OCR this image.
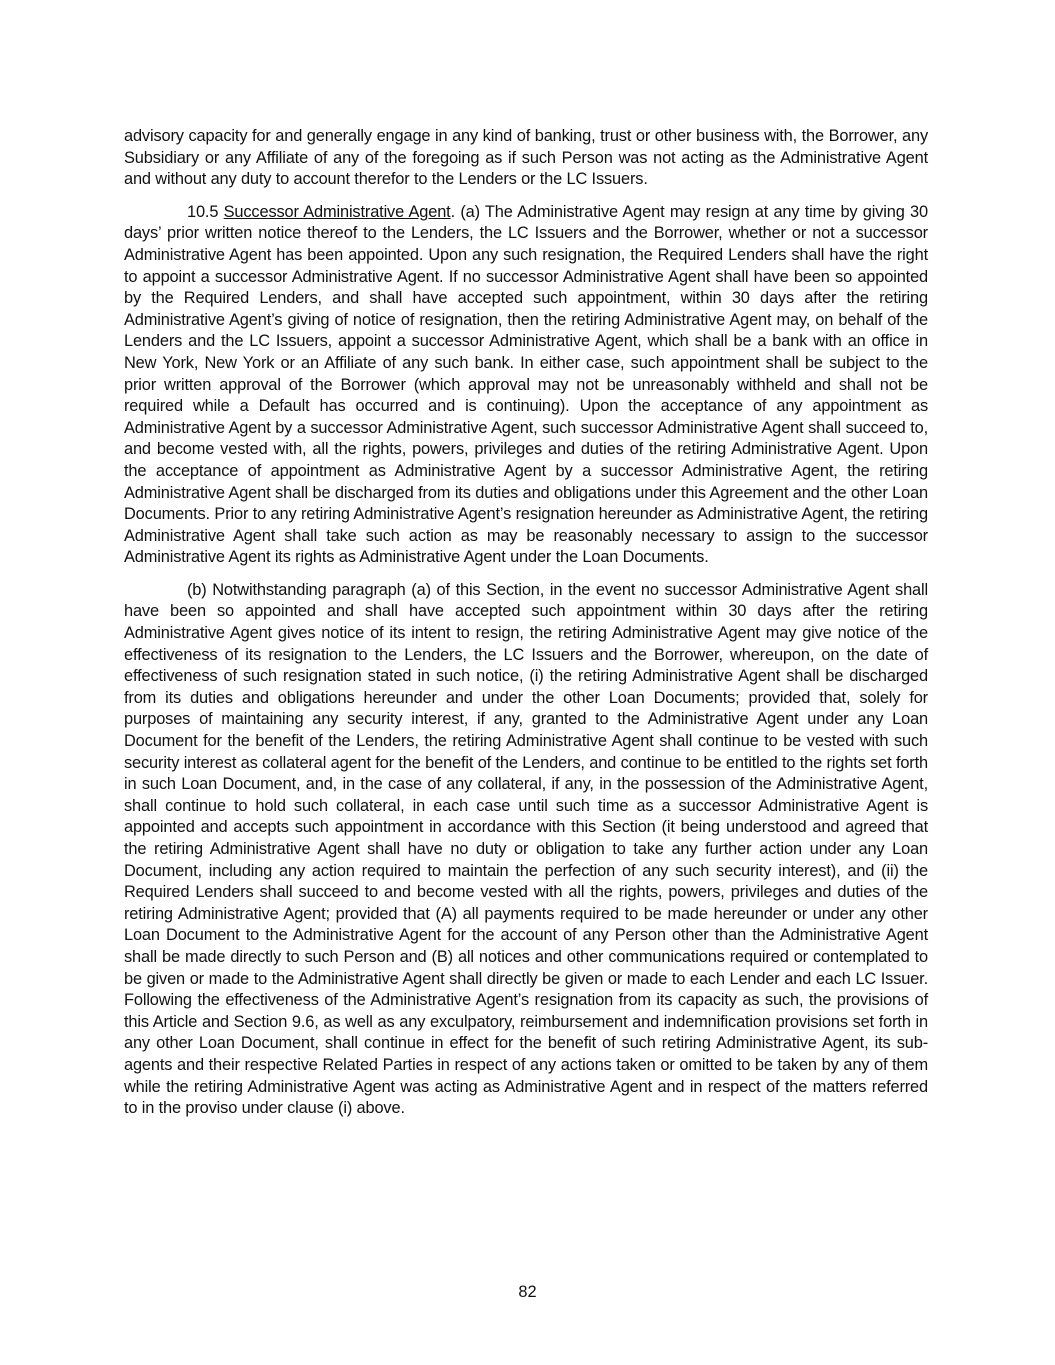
advisory capacity for and generally engage in any kind of banking, trust or other business with, the Borrower, any Subsidiary or any Affiliate of any of the foregoing as if such Person was not acting as the Administrative Agent and without any duty to account therefor to the Lenders or the LC Issuers.

10.5 Successor Administrative Agent. (a) The Administrative Agent may resign at any time by giving 30 days’ prior written notice thereof to the Lenders, the LC Issuers and the Borrower, whether or not a successor Administrative Agent has been appointed. Upon any such resignation, the Required Lenders shall have the right to appoint a successor Administrative Agent. If no successor Administrative Agent shall have been so appointed by the Required Lenders, and shall have accepted such appointment, within 30 days after the retiring Administrative Agent’s giving of notice of resignation, then the retiring Administrative Agent may, on behalf of the Lenders and the LC Issuers, appoint a successor Administrative Agent, which shall be a bank with an office in New York, New York or an Affiliate of any such bank. In either case, such appointment shall be subject to the prior written approval of the Borrower (which approval may not be unreasonably withheld and shall not be required while a Default has occurred and is continuing). Upon the acceptance of any appointment as Administrative Agent by a successor Administrative Agent, such successor Administrative Agent shall succeed to, and become vested with, all the rights, powers, privileges and duties of the retiring Administrative Agent. Upon the acceptance of appointment as Administrative Agent by a successor Administrative Agent, the retiring Administrative Agent shall be discharged from its duties and obligations under this Agreement and the other Loan Documents. Prior to any retiring Administrative Agent’s resignation hereunder as Administrative Agent, the retiring Administrative Agent shall take such action as may be reasonably necessary to assign to the successor Administrative Agent its rights as Administrative Agent under the Loan Documents.

(b) Notwithstanding paragraph (a) of this Section, in the event no successor Administrative Agent shall have been so appointed and shall have accepted such appointment within 30 days after the retiring Administrative Agent gives notice of its intent to resign, the retiring Administrative Agent may give notice of the effectiveness of its resignation to the Lenders, the LC Issuers and the Borrower, whereupon, on the date of effectiveness of such resignation stated in such notice, (i) the retiring Administrative Agent shall be discharged from its duties and obligations hereunder and under the other Loan Documents; provided that, solely for purposes of maintaining any security interest, if any, granted to the Administrative Agent under any Loan Document for the benefit of the Lenders, the retiring Administrative Agent shall continue to be vested with such security interest as collateral agent for the benefit of the Lenders, and continue to be entitled to the rights set forth in such Loan Document, and, in the case of any collateral, if any, in the possession of the Administrative Agent, shall continue to hold such collateral, in each case until such time as a successor Administrative Agent is appointed and accepts such appointment in accordance with this Section (it being understood and agreed that the retiring Administrative Agent shall have no duty or obligation to take any further action under any Loan Document, including any action required to maintain the perfection of any such security interest), and (ii) the Required Lenders shall succeed to and become vested with all the rights, powers, privileges and duties of the retiring Administrative Agent; provided that (A) all payments required to be made hereunder or under any other Loan Document to the Administrative Agent for the account of any Person other than the Administrative Agent shall be made directly to such Person and (B) all notices and other communications required or contemplated to be given or made to the Administrative Agent shall directly be given or made to each Lender and each LC Issuer. Following the effectiveness of the Administrative Agent’s resignation from its capacity as such, the provisions of this Article and Section 9.6, as well as any exculpatory, reimbursement and indemnification provisions set forth in any other Loan Document, shall continue in effect for the benefit of such retiring Administrative Agent, its sub-agents and their respective Related Parties in respect of any actions taken or omitted to be taken by any of them while the retiring Administrative Agent was acting as Administrative Agent and in respect of the matters referred to in the proviso under clause (i) above.

82
